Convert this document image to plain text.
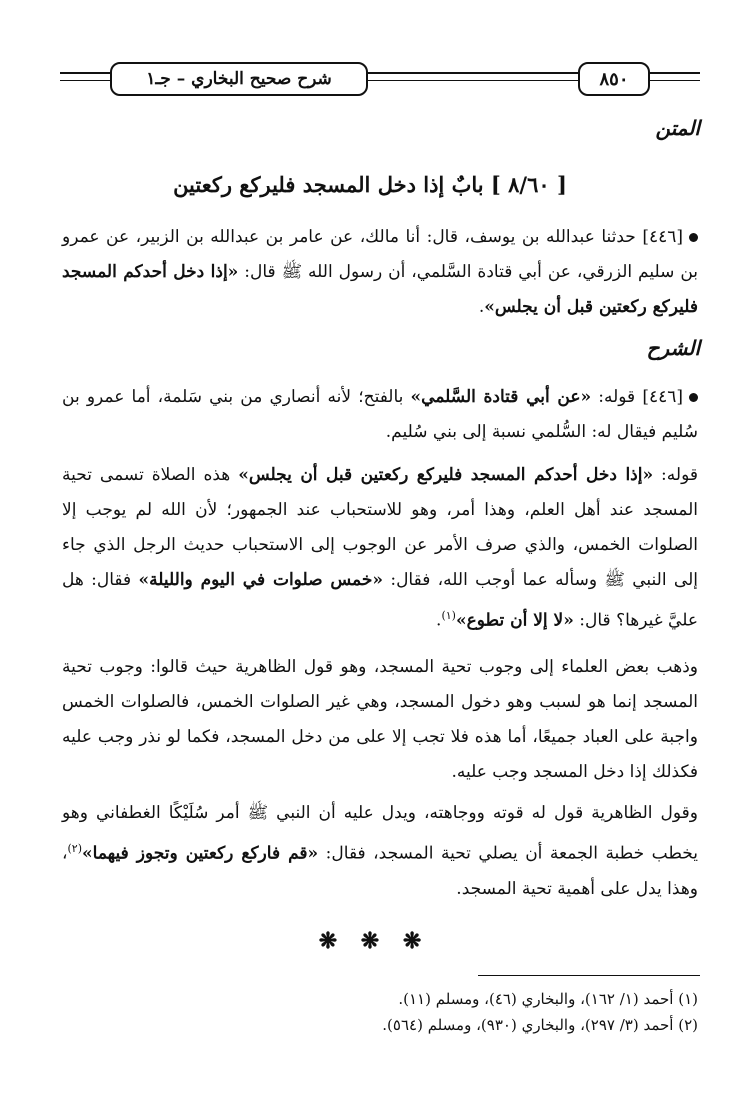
٨٥٠
شرح صحيح البخاري – جـ١
المتن
[ ٨/٦٠ ] بابٌ إذا دخل المسجد فليركع ركعتين
[٤٤٦] حدثنا عبدالله بن يوسف، قال: أنا مالك، عن عامر بن عبدالله بن الزبير، عن عمرو بن سليم الزرقي، عن أبي قتادة السَّلمي، أن رسول الله ﷺ قال: «إذا دخل أحدكم المسجد فليركع ركعتين قبل أن يجلس».
الشرح
[٤٤٦] قوله: «عن أبي قتادة السَّلمي» بالفتح؛ لأنه أنصاري من بني سَلمة، أما عمرو بن سُليم فيقال له: السُّلمي نسبة إلى بني سُليم.
قوله: «إذا دخل أحدكم المسجد فليركع ركعتين قبل أن يجلس» هذه الصلاة تسمى تحية المسجد عند أهل العلم، وهذا أمر، وهو للاستحباب عند الجمهور؛ لأن الله لم يوجب إلا الصلوات الخمس، والذي صرف الأمر عن الوجوب إلى الاستحباب حديث الرجل الذي جاء إلى النبي ﷺ وسأله عما أوجب الله، فقال: «خمس صلوات في اليوم والليلة» فقال: هل عليَّ غيرها؟ قال: «لا إلا أن تطوع»$^{(١)}$.
وذهب بعض العلماء إلى وجوب تحية المسجد، وهو قول الظاهرية حيث قالوا: وجوب تحية المسجد إنما هو لسبب وهو دخول المسجد، وهي غير الصلوات الخمس، فالصلوات الخمس واجبة على العباد جميعًا، أما هذه فلا تجب إلا على من دخل المسجد، فكما لو نذر وجب عليه فكذلك إذا دخل المسجد وجب عليه.
وقول الظاهرية قول له قوته ووجاهته، ويدل عليه أن النبي ﷺ أمر سُلَيْكًا الغطفاني وهو يخطب خطبة الجمعة أن يصلي تحية المسجد، فقال: «قم فاركع ركعتين وتجوز فيهما»$^{(٢)}$، وهذا يدل على أهمية تحية المسجد.
❋ ❋ ❋
(١) أحمد (١/ ١٦٢)، والبخاري (٤٦)، ومسلم (١١).
(٢) أحمد (٣/ ٢٩٧)، والبخاري (٩٣٠)، ومسلم (٥٦٤).
